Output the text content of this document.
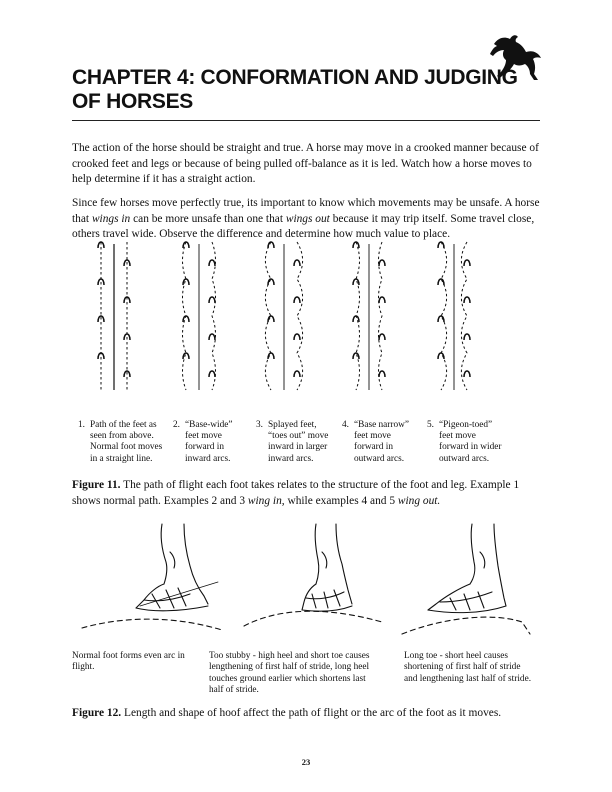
CHAPTER 4: CONFORMATION AND JUDGING
OF HORSES
The action of the horse should be straight and true. A horse may move in a crooked manner because of crooked feet and legs or because of being pulled off-balance as it is led. Watch how a horse moves to help determine if it has a straight action.
Since few horses move perfectly true, its important to know which movements may be unsafe. A horse that wings in can be more unsafe than one that wings out because it may trip itself. Some travel close, others travel wide. Observe the difference and determine how much value to place.
1. Path of the feet as
seen from above.
Normal foot moves
in a straight line.
2. “Base-wide”
feet move
forward in
inward arcs.
3. Splayed feet,
“toes out” move
inward in larger
inward arcs.
4. “Base narrow”
feet move
forward in
outward arcs.
5. “Pigeon-toed”
feet move
forward in wider
outward arcs.
Figure 11. The path of flight each foot takes relates to the structure of the foot and leg. Example 1 shows normal path. Examples 2 and 3 wing in, while examples 4 and 5 wing out.
Normal foot forms even arc in
flight.
Too stubby - high heel and short toe causes
lengthening of first half of stride, long heel
touches ground earlier which shortens last
half of stride.
Long toe - short heel causes
shortening of first half of stride
and lengthening last half of stride.
Figure 12. Length and shape of hoof affect the path of flight or the arc of the foot as it moves.
23
